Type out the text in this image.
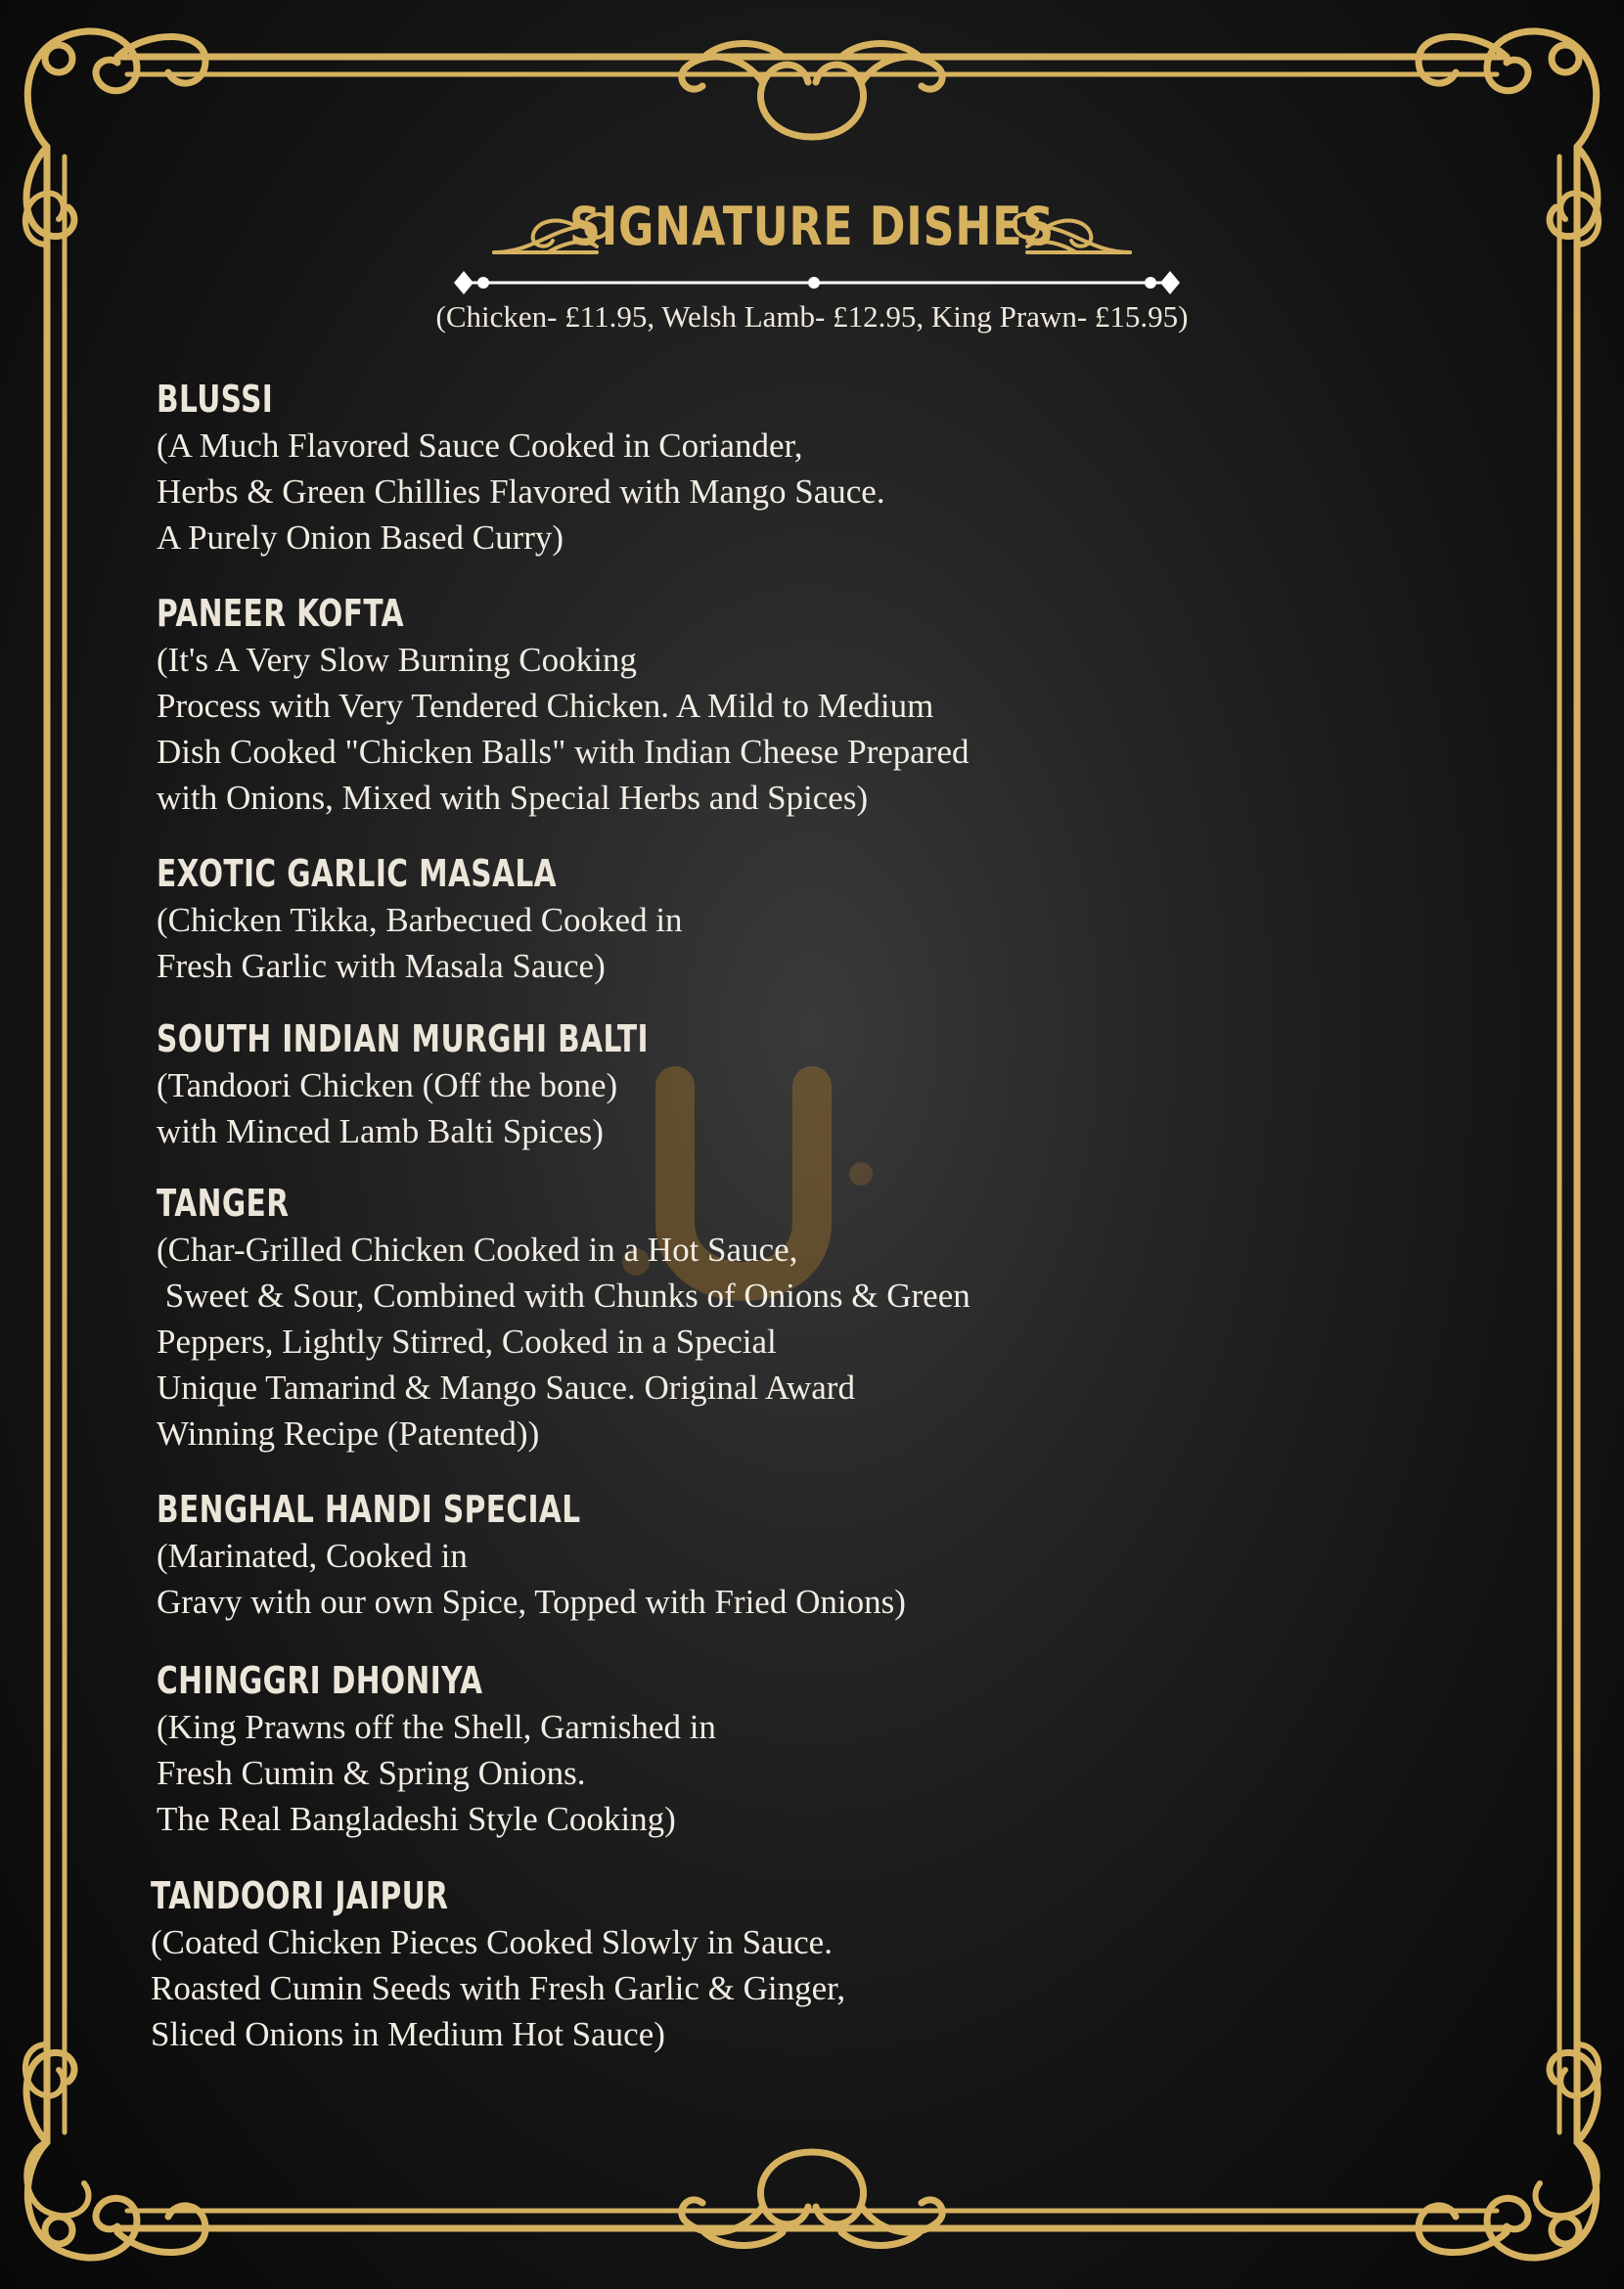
SIGNATURE DISHES
(Chicken- £11.95, Welsh Lamb- £12.95, King Prawn- £15.95)
BLUSSI
(A Much Flavored Sauce Cooked in Coriander,
Herbs & Green Chillies Flavored with Mango Sauce.
A Purely Onion Based Curry)
PANEER KOFTA
(It's A Very Slow Burning Cooking
Process with Very Tendered Chicken. A Mild to Medium
Dish Cooked "Chicken Balls" with Indian Cheese Prepared
with Onions, Mixed with Special Herbs and Spices)
EXOTIC GARLIC MASALA
(Chicken Tikka, Barbecued Cooked in
Fresh Garlic with Masala Sauce)
SOUTH INDIAN MURGHI BALTI
(Tandoori Chicken (Off the bone)
with Minced Lamb Balti Spices)
TANGER
(Char-Grilled Chicken Cooked in a Hot Sauce,
Sweet & Sour, Combined with Chunks of Onions & Green
Peppers, Lightly Stirred, Cooked in a Special
Unique Tamarind & Mango Sauce. Original Award
Winning Recipe (Patented))
BENGHAL HANDI SPECIAL
(Marinated, Cooked in
Gravy with our own Spice, Topped with Fried Onions)
CHINGGRI DHONIYA
(King Prawns off the Shell, Garnished in
Fresh Cumin & Spring Onions.
The Real Bangladeshi Style Cooking)
TANDOORI JAIPUR
(Coated Chicken Pieces Cooked Slowly in Sauce.
Roasted Cumin Seeds with Fresh Garlic & Ginger,
Sliced Onions in Medium Hot Sauce)
